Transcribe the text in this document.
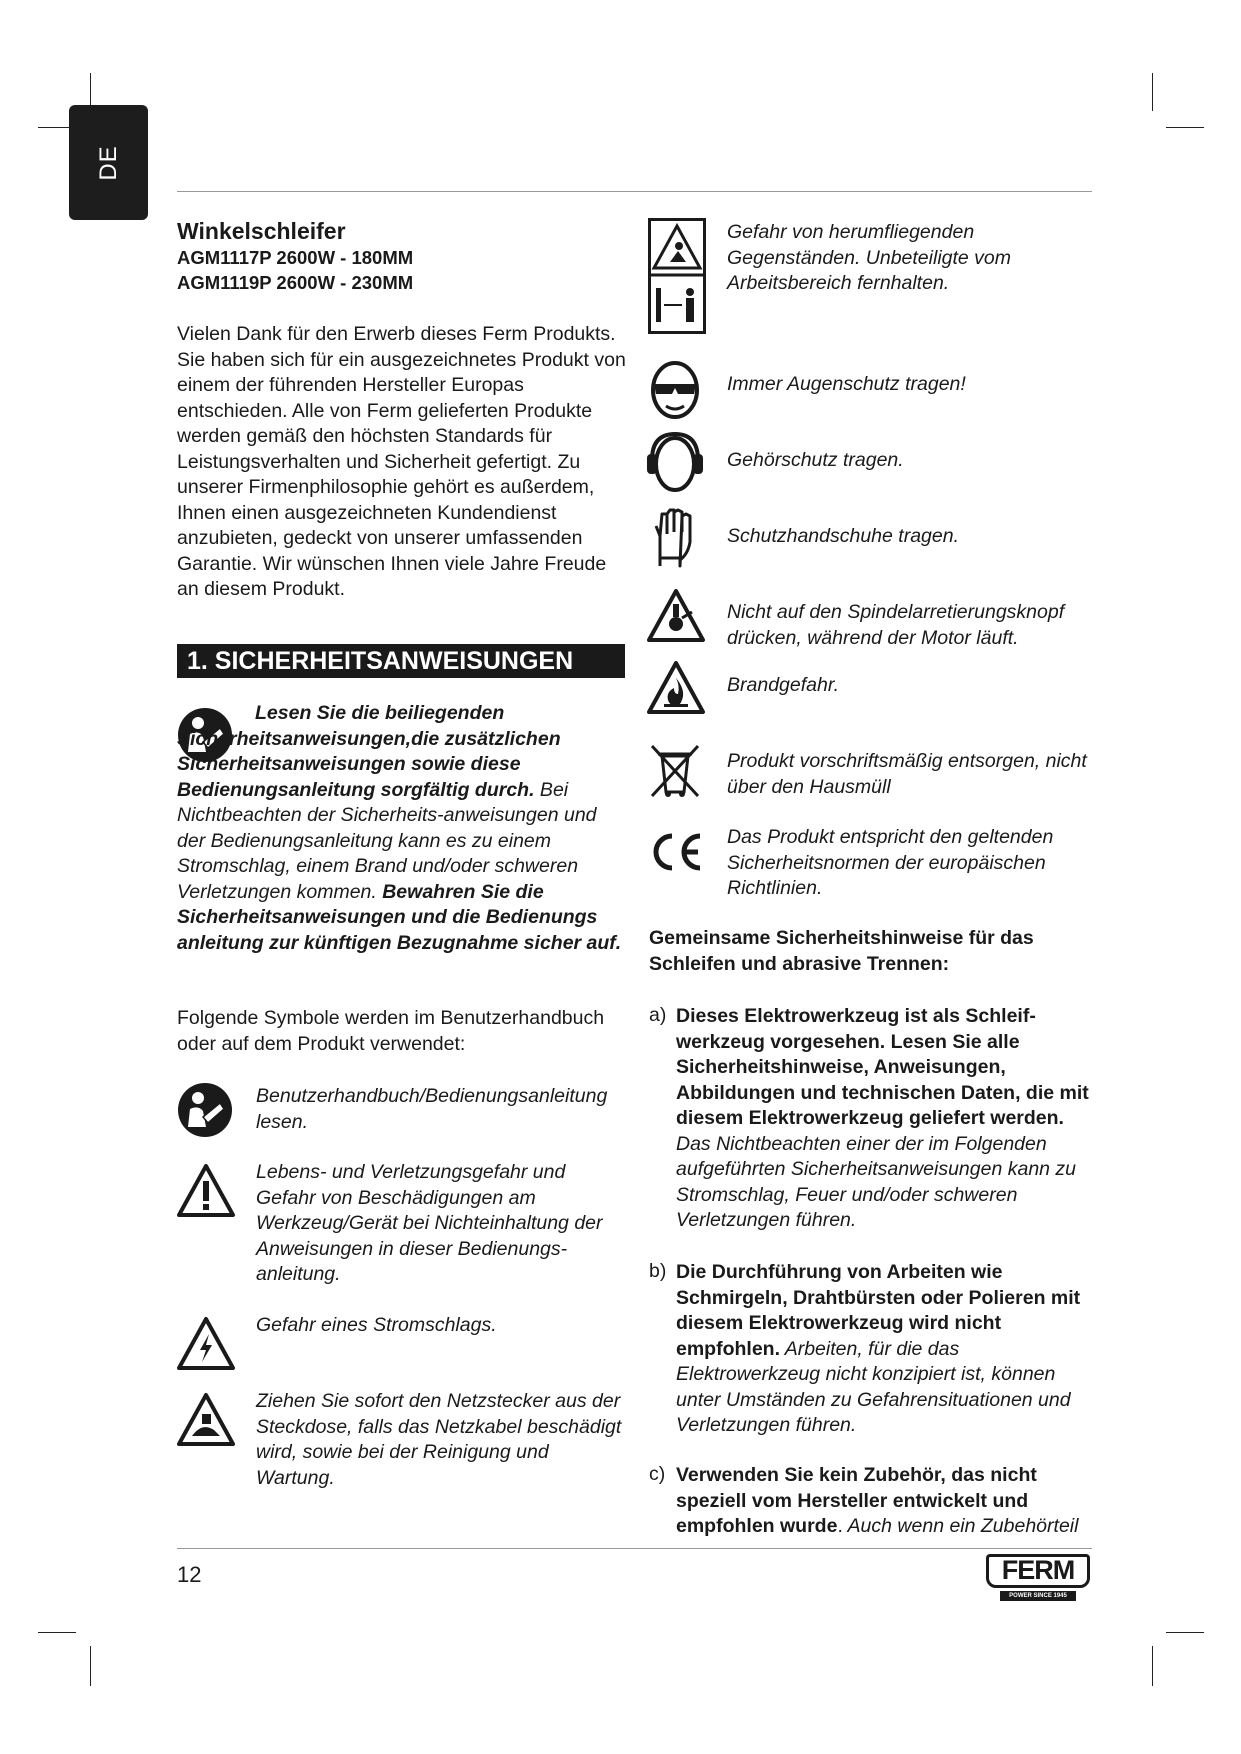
DE
Winkelschleifer
AGM1117P 2600W - 180MM
AGM1119P 2600W - 230MM
Vielen Dank für den Erwerb dieses Ferm Produkts. Sie haben sich für ein ausgezeichnetes Produkt von einem der führenden Hersteller Europas entschieden. Alle von Ferm gelieferten Produkte werden gemäß den höchsten Standards für Leistungsverhalten und Sicherheit gefertigt. Zu unserer Firmenphilosophie gehört es außerdem, Ihnen einen ausgezeichneten Kundendienst anzubieten, gedeckt von unserer umfassenden Garantie. Wir wünschen Ihnen viele Jahre Freude an diesem Produkt.
1. SICHERHEITSANWEISUNGEN
Lesen Sie die beiliegenden Sicherheitsanweisungen,die zusätzlichen Sicherheitsanweisungen sowie diese Bedienungsanleitung sorgfältig durch. Bei Nichtbeachten der Sicherheits-anweisungen und der Bedienungsanleitung kann es zu einem Stromschlag, einem Brand und/oder schweren Verletzungen kommen. Bewahren Sie die Sicherheitsanweisungen und die Bedienungs anleitung zur künftigen Bezugnahme sicher auf.
Folgende Symbole werden im Benutzerhandbuch oder auf dem Produkt verwendet:
Benutzerhandbuch/Bedienungsanleitung lesen.
Lebens- und Verletzungsgefahr und Gefahr von Beschädigungen am Werkzeug/Gerät bei Nichteinhaltung der Anweisungen in dieser Bedienungs-anleitung.
Gefahr eines Stromschlags.
Ziehen Sie sofort den Netzstecker aus der Steckdose, falls das Netzkabel beschädigt wird, sowie bei der Reinigung und Wartung.
Gefahr von herumfliegenden Gegenständen. Unbeteiligte vom Arbeitsbereich fernhalten.
Immer Augenschutz tragen!
Gehörschutz tragen.
Schutzhandschuhe tragen.
Nicht auf den Spindelarretierungsknopf drücken, während der Motor läuft.
Brandgefahr.
Produkt vorschriftsmäßig entsorgen, nicht über den Hausmüll
Das Produkt entspricht den geltenden Sicherheitsnormen der europäischen Richtlinien.
Gemeinsame Sicherheitshinweise für das Schleifen und abrasive Trennen:
a) Dieses Elektrowerkzeug ist als Schleif-werkzeug vorgesehen. Lesen Sie alle Sicherheitshinweise, Anweisungen, Abbildungen und technischen Daten, die mit diesem Elektrowerkzeug geliefert werden. Das Nichtbeachten einer der im Folgenden aufgeführten Sicherheitsanweisungen kann zu Stromschlag, Feuer und/oder schweren Verletzungen führen.
b) Die Durchführung von Arbeiten wie Schmirgeln, Drahtbürsten oder Polieren mit diesem Elektrowerkzeug wird nicht empfohlen. Arbeiten, für die das Elektrowerkzeug nicht konzipiert ist, können unter Umständen zu Gefahrensituationen und Verletzungen führen.
c) Verwenden Sie kein Zubehör, das nicht speziell vom Hersteller entwickelt und empfohlen wurde. Auch wenn ein Zubehörteil
12	FERM
POWER SINCE 1945
